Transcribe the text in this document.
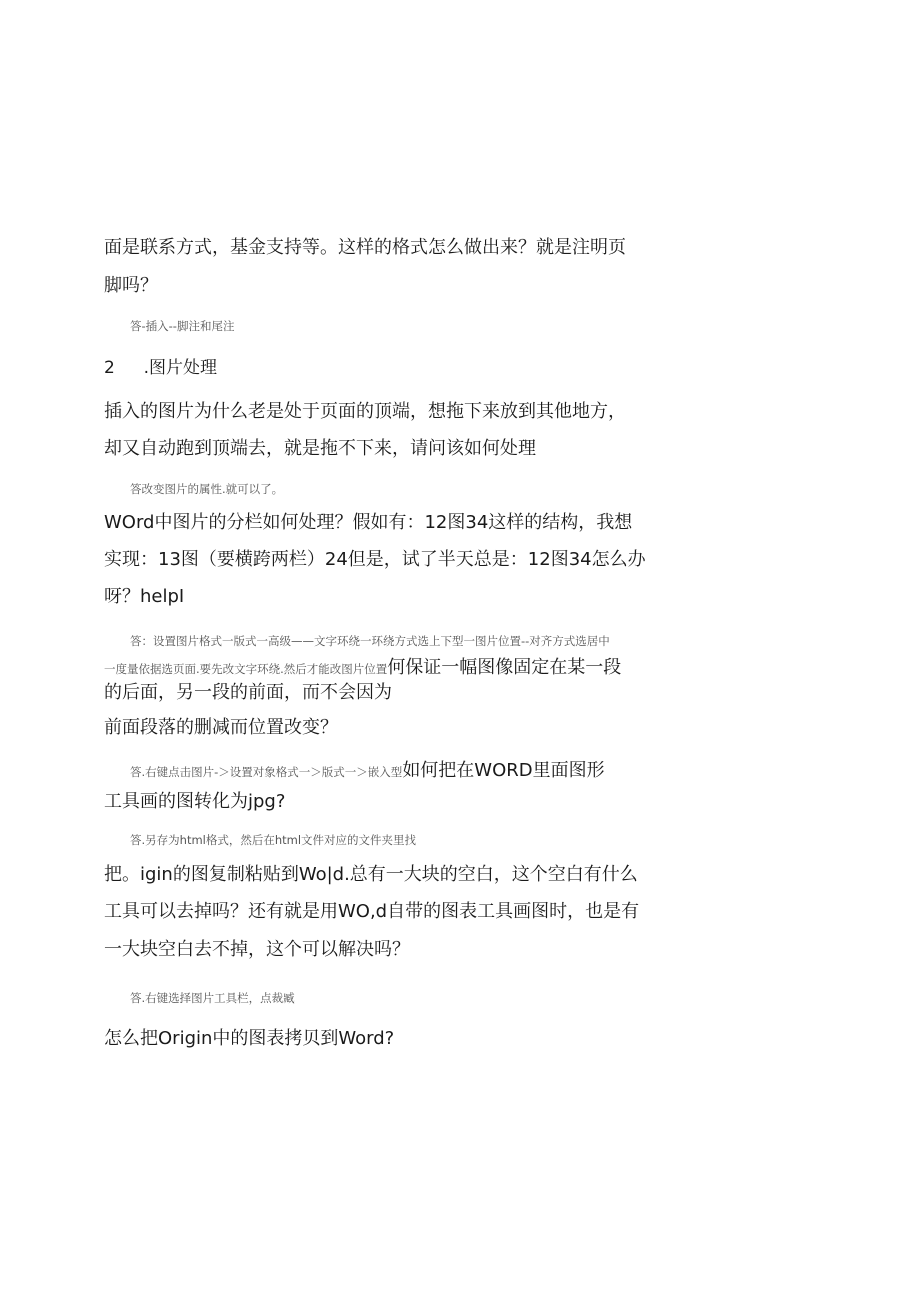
面是联系方式，基金支持等。这样的格式怎么做出来？就是注明页
脚吗？
答-插入--脚注和尾注
2 .图片处理
插入的图片为什么老是处于页面的顶端，想拖下来放到其他地方，
却又自动跑到顶端去，就是拖不下来，请问该如何处理
答改变图片的属性.就可以了。
WOrd中图片的分栏如何处理？假如有：12图34这样的结构，我想
实现：13图（要横跨两栏）24但是，试了半天总是：12图34怎么办
呀？helpI
答：设置图片格式一版式一高级——文字环绕一环绕方式选上下型一图片位置--对齐方式选居中
一度量依据选页面.要先改文字环绕.然后才能改图片位置何保证一幅图像固定在某一段
的后面，另一段的前面，而不会因为
前面段落的删减而位置改变？
答.右键点击图片-＞设置对象格式一＞版式一＞嵌入型如何把在WORD里面图形
工具画的图转化为jpg?
答.另存为html格式，然后在html文件对应的文件夹里找
把。igin的图复制粘贴到Wo|d.总有一大块的空白，这个空白有什么
工具可以去掉吗？还有就是用WO,d自带的图表工具画图时，也是有
一大块空白去不掉，这个可以解决吗？
答.右键选择图片工具栏，点裁臧
怎么把Origin中的图表拷贝到Word?
